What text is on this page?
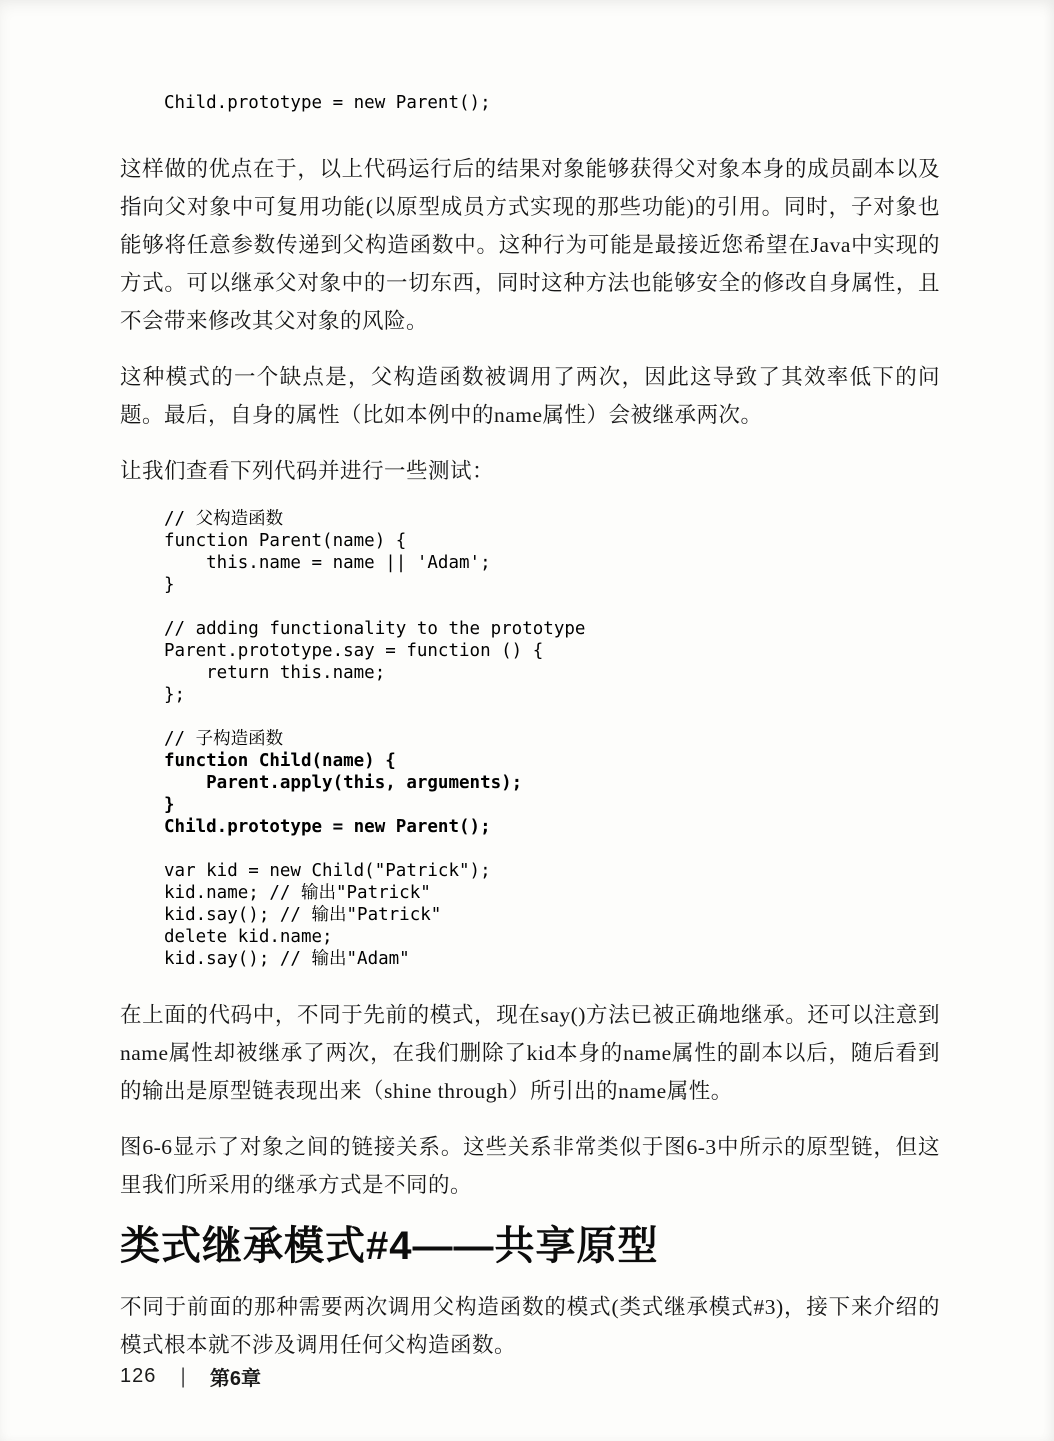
Child.prototype = new Parent();

这样做的优点在于，以上代码运行后的结果对象能够获得父对象本身的成员副本以及指向父对象中可复用功能(以原型成员方式实现的那些功能)的引用。同时，子对象也能够将任意参数传递到父构造函数中。这种行为可能是最接近您希望在Java中实现的方式。可以继承父对象中的一切东西，同时这种方法也能够安全的修改自身属性，且不会带来修改其父对象的风险。

这种模式的一个缺点是，父构造函数被调用了两次，因此这导致了其效率低下的问题。最后，自身的属性（比如本例中的name属性）会被继承两次。

让我们查看下列代码并进行一些测试：

// 父构造函数
function Parent(name) {
this.name = name || 'Adam';
}
// adding functionality to the prototype
Parent.prototype.say = function () {
return this.name;
};
// 子构造函数
function Child(name) {
Parent.apply(this, arguments);
}
Child.prototype = new Parent();
var kid = new Child("Patrick");
kid.name; // 输出"Patrick"
kid.say(); // 输出"Patrick"
delete kid.name;
kid.say(); // 输出"Adam"

在上面的代码中，不同于先前的模式，现在say()方法已被正确地继承。还可以注意到name属性却被继承了两次，在我们删除了kid本身的name属性的副本以后，随后看到的输出是原型链表现出来（shine through）所引出的name属性。

图6-6显示了对象之间的链接关系。这些关系非常类似于图6-3中所示的原型链，但这里我们所采用的继承方式是不同的。

类式继承模式#4——共享原型

不同于前面的那种需要两次调用父构造函数的模式(类式继承模式#3)，接下来介绍的模式根本就不涉及调用任何父构造函数。

126 | 第6章
